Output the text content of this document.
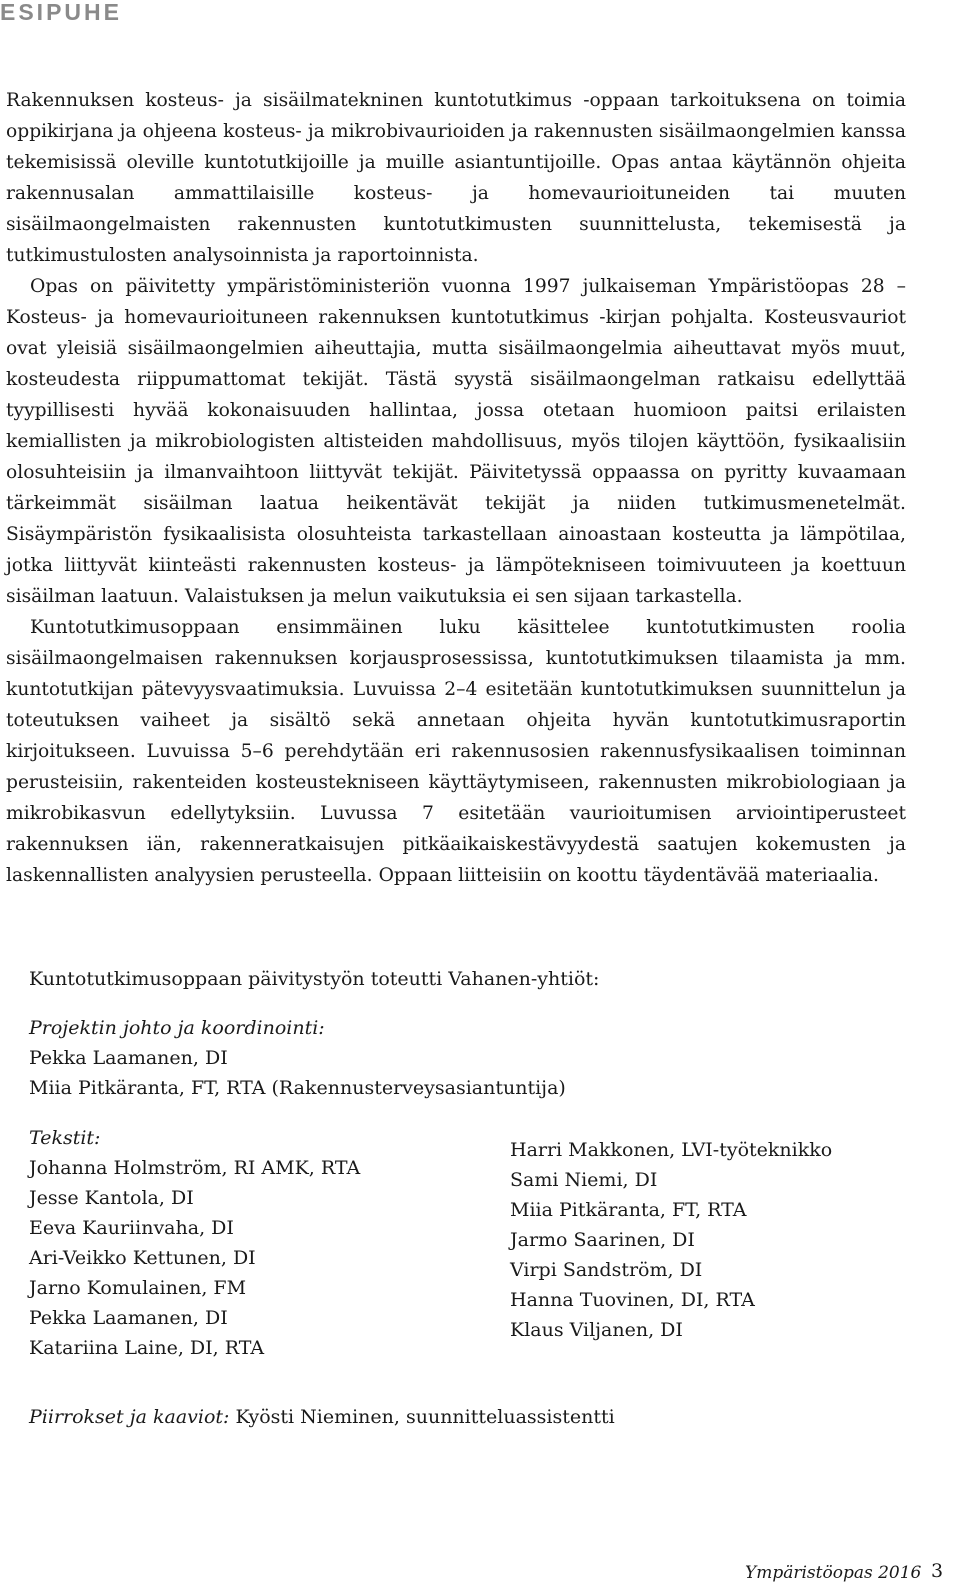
ESIPUHE

Rakennuksen kosteus- ja sisäilmatekninen kuntotutkimus -oppaan tarkoituksena on toimia oppikirjana ja ohjeena kosteus- ja mikrobivaurioiden ja rakennusten sisäilmaongelmien kanssa tekemisissä oleville kuntotutkijoille ja muille asiantuntijoille. Opas antaa käytännön ohjeita rakennusalan ammattilaisille kosteus- ja homevaurioituneiden tai muuten sisäilmaongelmaisten rakennusten kuntotutkimusten suunnittelusta, tekemisestä ja tutkimustulosten analysoinnista ja raportoinnista.

Opas on päivitetty ympäristöministeriön vuonna 1997 julkaiseman Ympäristöopas 28 – Kosteus- ja homevaurioituneen rakennuksen kuntotutkimus -kirjan pohjalta. Kosteusvauriot ovat yleisiä sisäilmaongelmien aiheuttajia, mutta sisäilmaongelmia aiheuttavat myös muut, kosteudesta riippumattomat tekijät. Tästä syystä sisäilmaongelman ratkaisu edellyttää tyypillisesti hyvää kokonaisuuden hallintaa, jossa otetaan huomioon paitsi erilaisten kemiallisten ja mikrobiologisten altisteiden mahdollisuus, myös tilojen käyttöön, fysikaalisiin olosuhteisiin ja ilmanvaihtoon liittyvät tekijät. Päivitetyssä oppaassa on pyritty kuvaamaan tärkeimmät sisäilman laatua heikentävät tekijät ja niiden tutkimusmenetelmät. Sisäympäristön fysikaalisista olosuhteista tarkastellaan ainoastaan kosteutta ja lämpötilaa, jotka liittyvät kiinteästi rakennusten kosteus- ja lämpötekniseen toimivuuteen ja koettuun sisäilman laatuun. Valaistuksen ja melun vaikutuksia ei sen sijaan tarkastella.

Kuntotutkimusoppaan ensimmäinen luku käsittelee kuntotutkimusten roolia sisäilmaongelmaisen rakennuksen korjausprosessissa, kuntotutkimuksen tilaamista ja mm. kuntotutkijan pätevyysvaatimuksia. Luvuissa 2–4 esitetään kuntotutkimuksen suunnittelun ja toteutuksen vaiheet ja sisältö sekä annetaan ohjeita hyvän kuntotutkimusraportin kirjoitukseen. Luvuissa 5–6 perehdytään eri rakennusosien rakennusfysikaalisen toiminnan perusteisiin, rakenteiden kosteustekniseen käyttäytymiseen, rakennusten mikrobiologiaan ja mikrobikasvun edellytyksiin. Luvussa 7 esitetään vaurioitumisen arviointiperusteet rakennuksen iän, rakenneratkaisujen pitkäaikaiskestävyydestä saatujen kokemusten ja laskennallisten analyysien perusteella. Oppaan liitteisiin on koottu täydentävää materiaalia.

Kuntotutkimusoppaan päivitystyön toteutti Vahanen-yhtiöt:
Projektin johto ja koordinointi:
Pekka Laamanen, DI
Miia Pitkäranta, FT, RTA (Rakennusterveysasiantuntija)
Tekstit:
Johanna Holmström, RI AMK, RTA
Jesse Kantola, DI
Eeva Kauriinvaha, DI
Ari-Veikko Kettunen, DI
Jarno Komulainen, FM
Pekka Laamanen, DI
Katariina Laine, DI, RTA
Harri Makkonen, LVI-työteknikko
Sami Niemi, DI
Miia Pitkäranta, FT, RTA
Jarmo Saarinen, DI
Virpi Sandström, DI
Hanna Tuovinen, DI, RTA
Klaus Viljanen, DI
Piirrokset ja kaaviot: Kyösti Nieminen, suunnitteluassistentti
Ympäristöopas 2016 3
